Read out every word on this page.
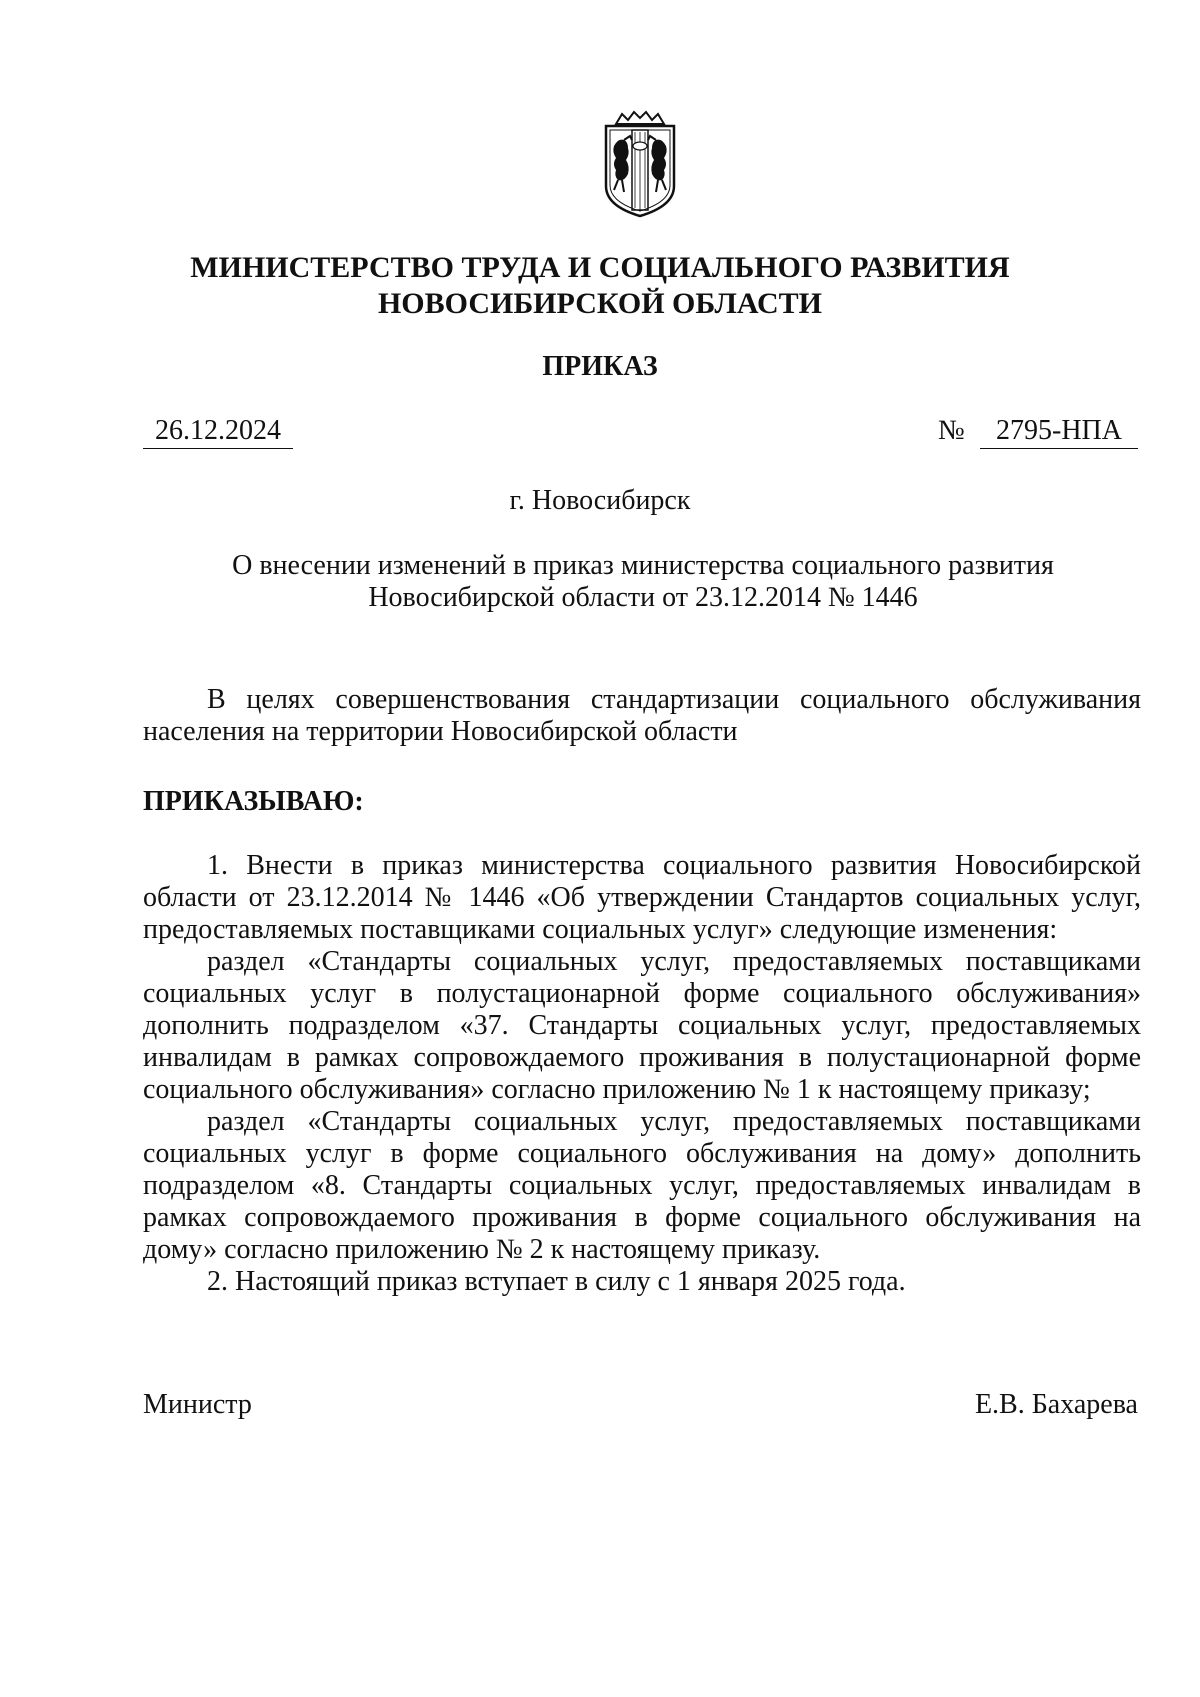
МИНИСТЕРСТВО ТРУДА И СОЦИАЛЬНОГО РАЗВИТИЯ
НОВОСИБИРСКОЙ ОБЛАСТИ
ПРИКАЗ
26.12.2024	№	2795-НПА
г. Новосибирск
О внесении изменений в приказ министерства социального развития
Новосибирской области от 23.12.2014 № 1446

В целях совершенствования стандартизации социального обслуживания населения на территории Новосибирской области

ПРИКАЗЫВАЮ:

1. Внести в приказ министерства социального развития Новосибирской области от 23.12.2014 № 1446 «Об утверждении Стандартов социальных услуг, предоставляемых поставщиками социальных услуг» следующие изменения:

раздел «Стандарты социальных услуг, предоставляемых поставщиками социальных услуг в полустационарной форме социального обслуживания» дополнить подразделом «37. Стандарты социальных услуг, предоставляемых инвалидам в рамках сопровождаемого проживания в полустационарной форме социального обслуживания» согласно приложению № 1 к настоящему приказу;

раздел «Стандарты социальных услуг, предоставляемых поставщиками социальных услуг в форме социального обслуживания на дому» дополнить подразделом «8. Стандарты социальных услуг, предоставляемых инвалидам в рамках сопровождаемого проживания в форме социального обслуживания на дому» согласно приложению № 2 к настоящему приказу.

2. Настоящий приказ вступает в силу с 1 января 2025 года.

Министр	Е.В. Бахарева
